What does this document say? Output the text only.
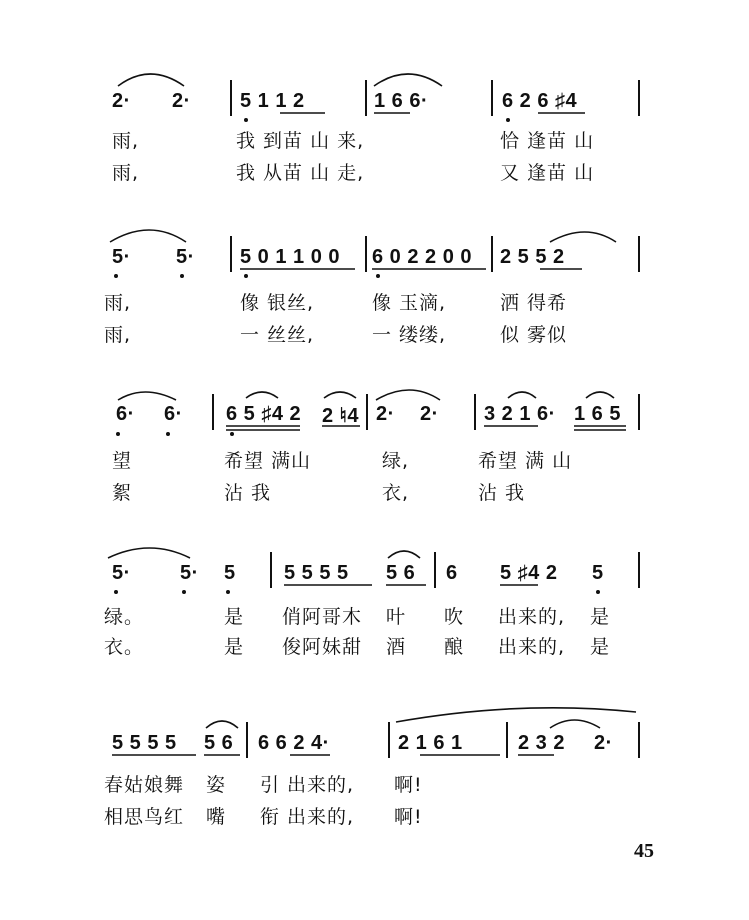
2· 2· 5 1 1 2	1 6 6·	6 2 6 ♯4
雨,	我 到苗 山 来,	恰 逢苗 山
雨,	我 从苗 山 走,	又 逢苗 山
5· 5· 5 0 1 1 0 0 6 0 2 2 0 0 2 5 5 2
雨,	像 银丝,	像 玉滴,	洒 得希
雨,	一 丝丝,	一 缕缕,	似 雾似
6· 6· 6 5 ♯4 2 2 ♮4 2· 2· 3 2 1 6· 1 6 5
望	希望 满山	绿,	希望 满 山
絮	沾 我	衣,	沾 我
5· 5· 5 5 5 5 5 5 6 6 5 ♯4 2 5
绿。	是 俏阿哥木 叶 吹 出来的, 是
衣。	是 俊阿妹甜 酒 酿 出来的, 是
5 5 5 5 5 6 6 6 2 4·	2 1 6 1	2 3 2 2·
春姑娘舞 姿 引 出来的, 啊!
相思鸟红 嘴 衔 出来的, 啊!
45
